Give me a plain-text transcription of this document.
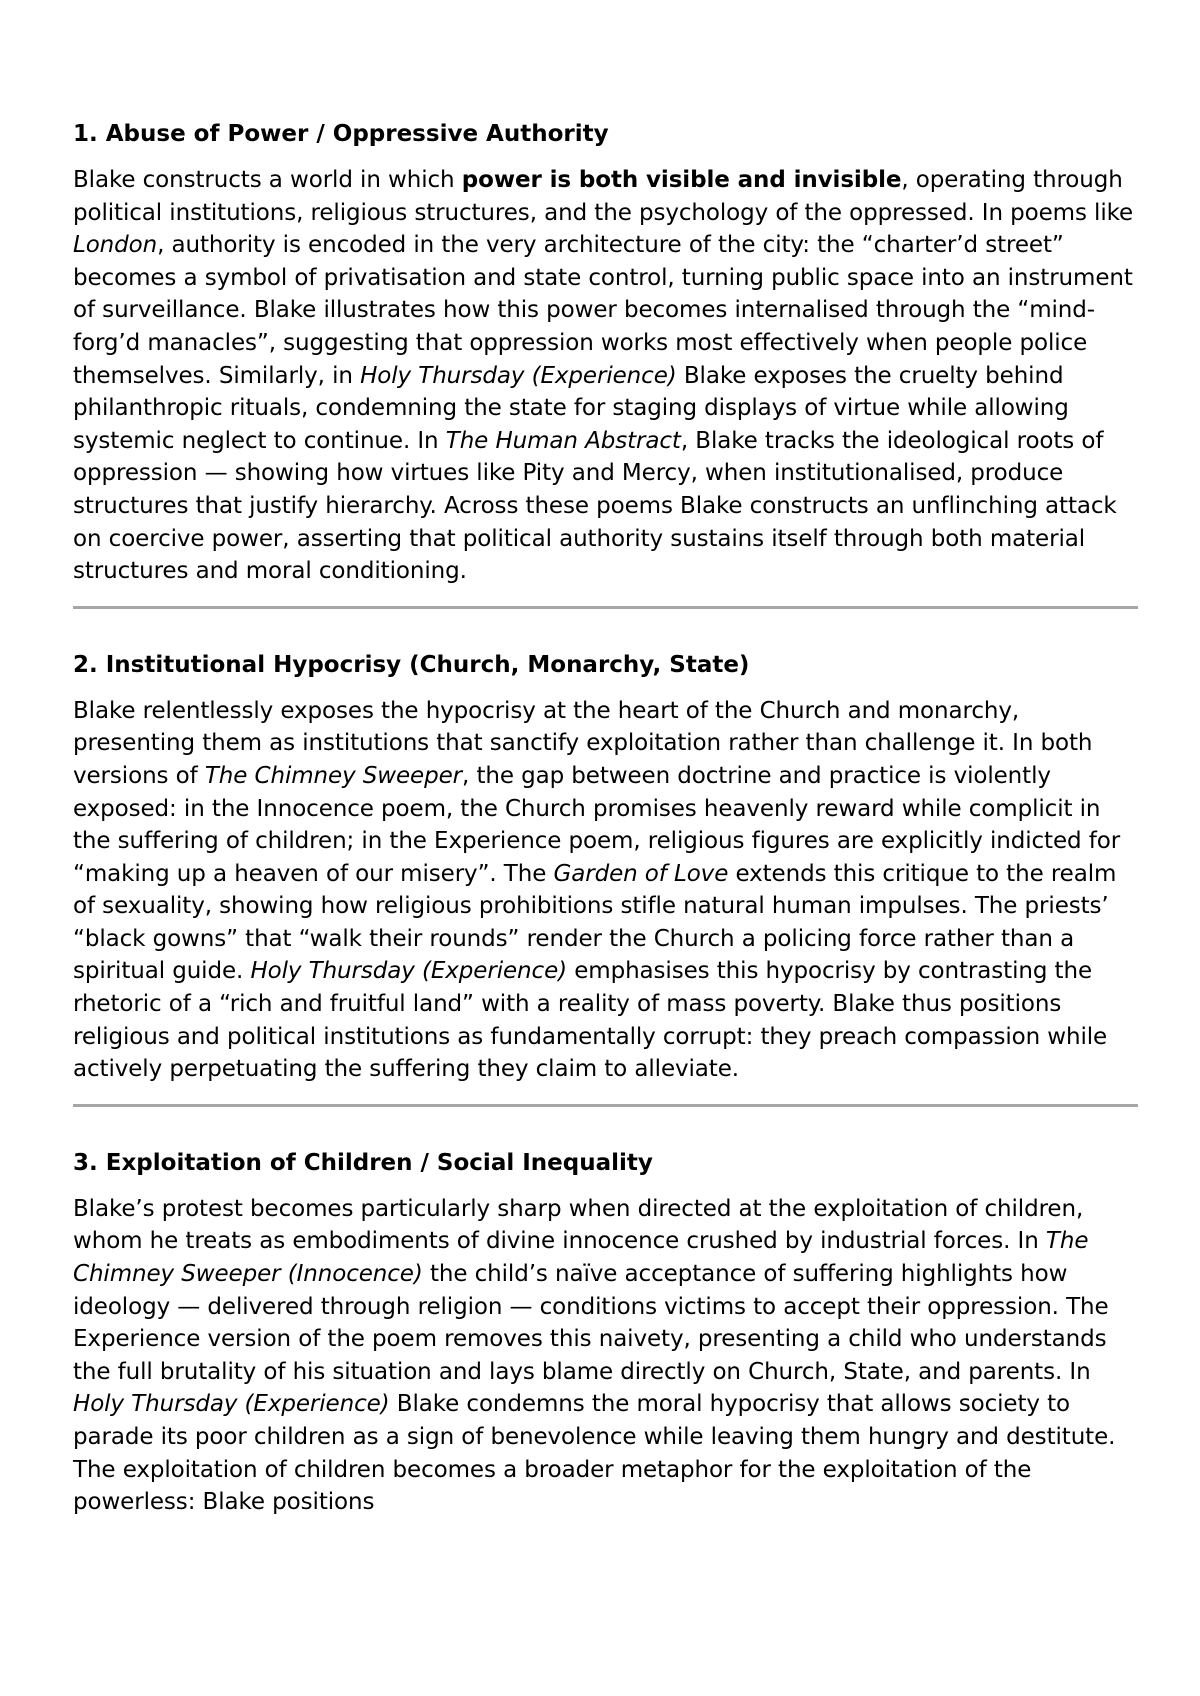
1. Abuse of Power / Oppressive Authority

Blake constructs a world in which power is both visible and invisible, operating through political institutions, religious structures, and the psychology of the oppressed. In poems like London, authority is encoded in the very architecture of the city: the “charter’d street” becomes a symbol of privatisation and state control, turning public space into an instrument of surveillance. Blake illustrates how this power becomes internalised through the “mind-forg’d manacles”, suggesting that oppression works most effectively when people police themselves. Similarly, in Holy Thursday (Experience) Blake exposes the cruelty behind philanthropic rituals, condemning the state for staging displays of virtue while allowing systemic neglect to continue. In The Human Abstract, Blake tracks the ideological roots of oppression — showing how virtues like Pity and Mercy, when institutionalised, produce structures that justify hierarchy. Across these poems Blake constructs an unflinching attack on coercive power, asserting that political authority sustains itself through both material structures and moral conditioning.

2. Institutional Hypocrisy (Church, Monarchy, State)

Blake relentlessly exposes the hypocrisy at the heart of the Church and monarchy, presenting them as institutions that sanctify exploitation rather than challenge it. In both versions of The Chimney Sweeper, the gap between doctrine and practice is violently exposed: in the Innocence poem, the Church promises heavenly reward while complicit in the suffering of children; in the Experience poem, religious figures are explicitly indicted for “making up a heaven of our misery”. The Garden of Love extends this critique to the realm of sexuality, showing how religious prohibitions stifle natural human impulses. The priests’ “black gowns” that “walk their rounds” render the Church a policing force rather than a spiritual guide. Holy Thursday (Experience) emphasises this hypocrisy by contrasting the rhetoric of a “rich and fruitful land” with a reality of mass poverty. Blake thus positions religious and political institutions as fundamentally corrupt: they preach compassion while actively perpetuating the suffering they claim to alleviate.

3. Exploitation of Children / Social Inequality

Blake’s protest becomes particularly sharp when directed at the exploitation of children, whom he treats as embodiments of divine innocence crushed by industrial forces. In The Chimney Sweeper (Innocence) the child’s naïve acceptance of suffering highlights how ideology — delivered through religion — conditions victims to accept their oppression. The Experience version of the poem removes this naivety, presenting a child who understands the full brutality of his situation and lays blame directly on Church, State, and parents. In Holy Thursday (Experience) Blake condemns the moral hypocrisy that allows society to parade its poor children as a sign of benevolence while leaving them hungry and destitute. The exploitation of children becomes a broader metaphor for the exploitation of the powerless: Blake positions
